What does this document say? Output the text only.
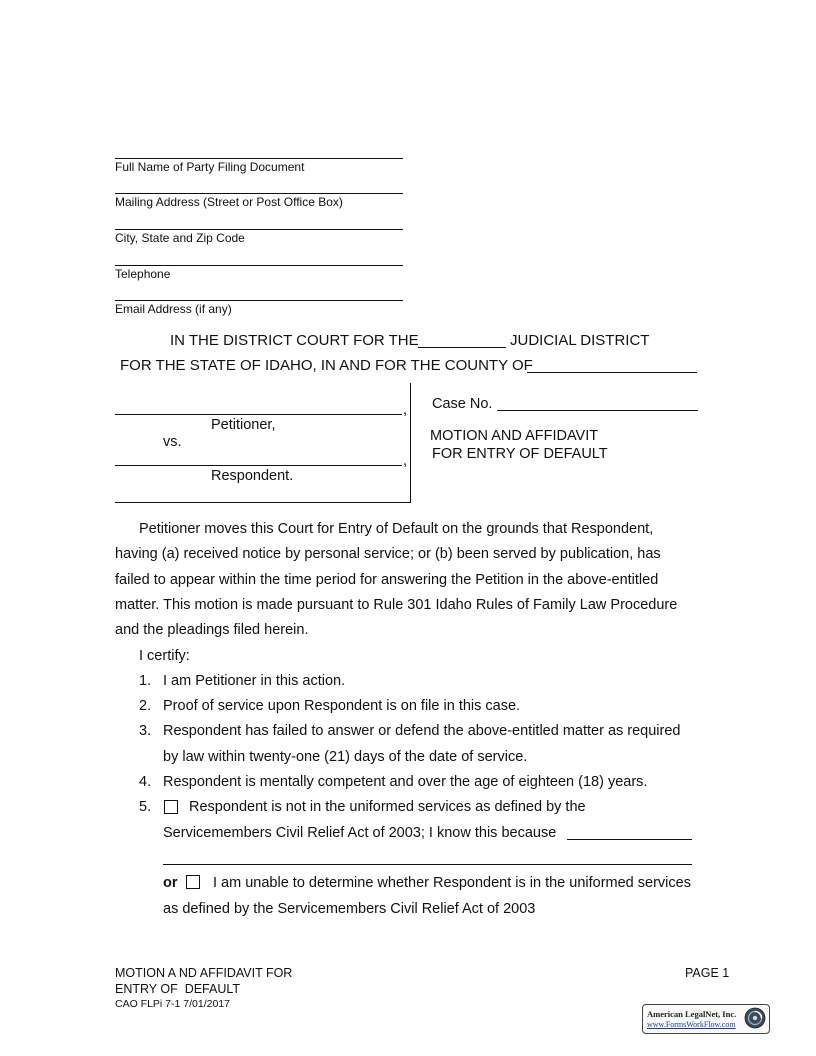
Full Name of Party Filing Document
Mailing Address (Street or Post Office Box)
City, State and Zip Code
Telephone
Email Address (if any)
IN THE DISTRICT COURT FOR THE	JUDICIAL DISTRICT
FOR THE STATE OF IDAHO, IN AND FOR THE COUNTY OF
,
Petitioner,
vs.
,
Respondent.
Case No.
MOTION AND AFFIDAVIT
FOR ENTRY OF DEFAULT
Petitioner moves this Court for Entry of Default on the grounds that Respondent,
having (a) received notice by personal service; or (b) been served by publication, has
failed to appear within the time period for answering the Petition in the above-entitled
matter. This motion is made pursuant to Rule 301 Idaho Rules of Family Law Procedure
and the pleadings filed herein.
I certify:
1. I am Petitioner in this action.
2. Proof of service upon Respondent is on file in this case.
3. Respondent has failed to answer or defend the above-entitled matter as required
by law within twenty-one (21) days of the date of service.
4. Respondent is mentally competent and over the age of eighteen (18) years.
5.	Respondent is not in the uniformed services as defined by the
Servicemembers Civil Relief Act of 2003; I know this because
or I am unable to determine whether Respondent is in the uniformed services
as defined by the Servicemembers Civil Relief Act of 2003
MOTION A ND AFFIDAVIT FOR
ENTRY OF  DEFAULT
CAO FLPi 7-1 7/01/2017
PAGE 1
American LegalNet, Inc.
www.FormsWorkFlow.com
